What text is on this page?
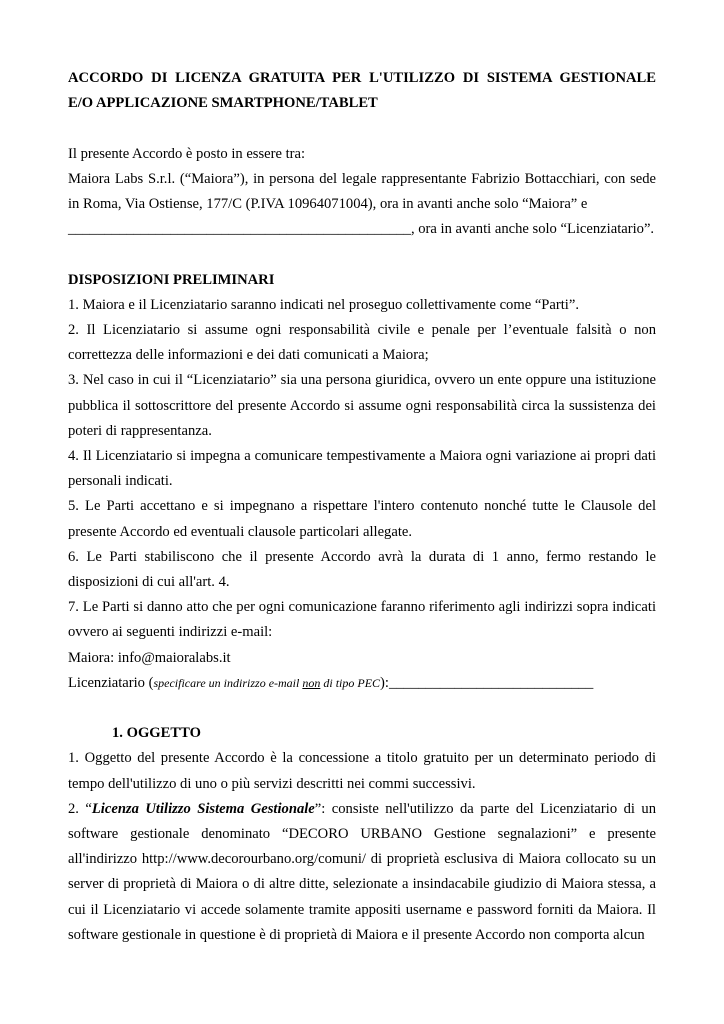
ACCORDO DI LICENZA GRATUITA PER L'UTILIZZO DI SISTEMA GESTIONALE
E/O APPLICAZIONE SMARTPHONE/TABLET

Il presente Accordo è posto in essere tra:

Maiora Labs S.r.l. (“Maiora”), in persona del legale rappresentante Fabrizio Bottacchiari, con sede in Roma, Via Ostiense, 177/C (P.IVA 10964071004), ora in avanti anche solo “Maiora” e

_______________________________________________, ora in avanti anche solo “Licenziatario”.

DISPOSIZIONI PRELIMINARI

1. Maiora e il Licenziatario saranno indicati nel proseguo collettivamente come “Parti”.

2. Il Licenziatario si assume ogni responsabilità civile e penale per l’eventuale falsità o non correttezza delle informazioni e dei dati comunicati a Maiora;

3. Nel caso in cui il “Licenziatario” sia una persona giuridica, ovvero un ente oppure una istituzione pubblica il sottoscrittore del presente Accordo si assume ogni responsabilità circa la sussistenza dei poteri di rappresentanza.

4. Il Licenziatario si impegna a comunicare tempestivamente a Maiora ogni variazione ai propri dati personali indicati.

5. Le Parti accettano e si impegnano a rispettare l'intero contenuto nonché tutte le Clausole del presente Accordo ed eventuali clausole particolari allegate.

6. Le Parti stabiliscono che il presente Accordo avrà la durata di 1 anno, fermo restando le disposizioni di cui all'art. 4.

7. Le Parti si danno atto che per ogni comunicazione faranno riferimento agli indirizzi sopra indicati ovvero ai seguenti indirizzi e-mail:

Maiora: info@maioralabs.it

Licenziatario (specificare un indirizzo e-mail non di tipo PEC):____________________________

1. OGGETTO

1. Oggetto del presente Accordo è la concessione a titolo gratuito per un determinato periodo di tempo dell'utilizzo di uno o più servizi descritti nei commi successivi.

2. “Licenza Utilizzo Sistema Gestionale”: consiste nell'utilizzo da parte del Licenziatario di un software gestionale denominato “DECORO URBANO Gestione segnalazioni” e presente all'indirizzo http://www.decorourbano.org/comuni/ di proprietà esclusiva di Maiora collocato su un server di proprietà di Maiora o di altre ditte, selezionate a insindacabile giudizio di Maiora stessa, a cui il Licenziatario vi accede solamente tramite appositi username e password forniti da Maiora. Il software gestionale in questione è di proprietà di Maiora e il presente Accordo non comporta alcun
